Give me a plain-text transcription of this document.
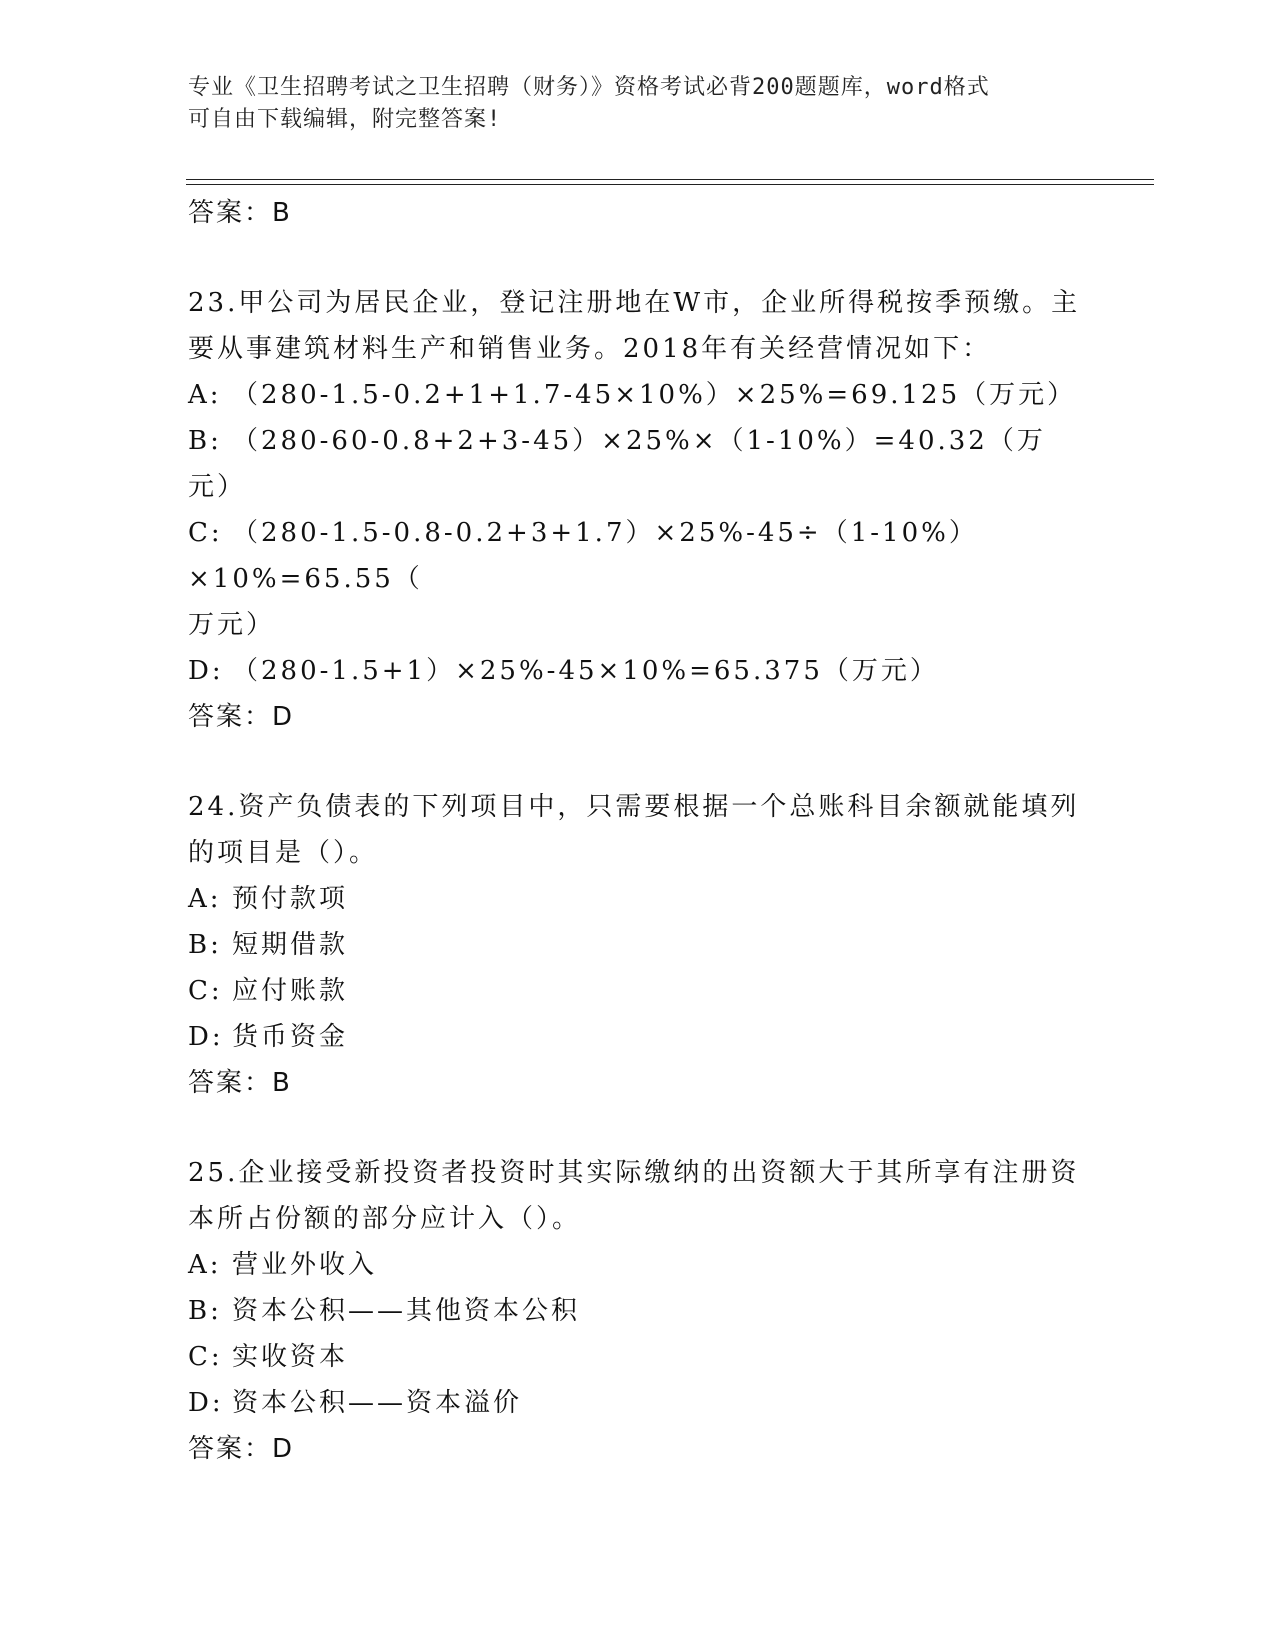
专业《卫生招聘考试之卫生招聘（财务）》资格考试必背200题题库，word格式
可自由下载编辑，附完整答案!
答案：B
23.甲公司为居民企业，登记注册地在W市，企业所得税按季预缴。主
要从事建筑材料生产和销售业务。2018年有关经营情况如下：
A: （280-1.5-0.2+1+1.7-45×10%）×25%=69.125（万元）
B: （280-60-0.8+2+3-45）×25%×（1-10%）=40.32（万元）
C: （280-1.5-0.8-0.2+3+1.7）×25%-45÷（1-10%）×10%=65.55（
万元）
D: （280-1.5+1）×25%-45×10%=65.375（万元）
答案：D
24.资产负债表的下列项目中，只需要根据一个总账科目余额就能填列
的项目是（）。
A: 预付款项
B: 短期借款
C: 应付账款
D: 货币资金
答案：B
25.企业接受新投资者投资时其实际缴纳的出资额大于其所享有注册资
本所占份额的部分应计入（）。
A: 营业外收入
B: 资本公积——其他资本公积
C: 实收资本
D: 资本公积——资本溢价
答案：D
